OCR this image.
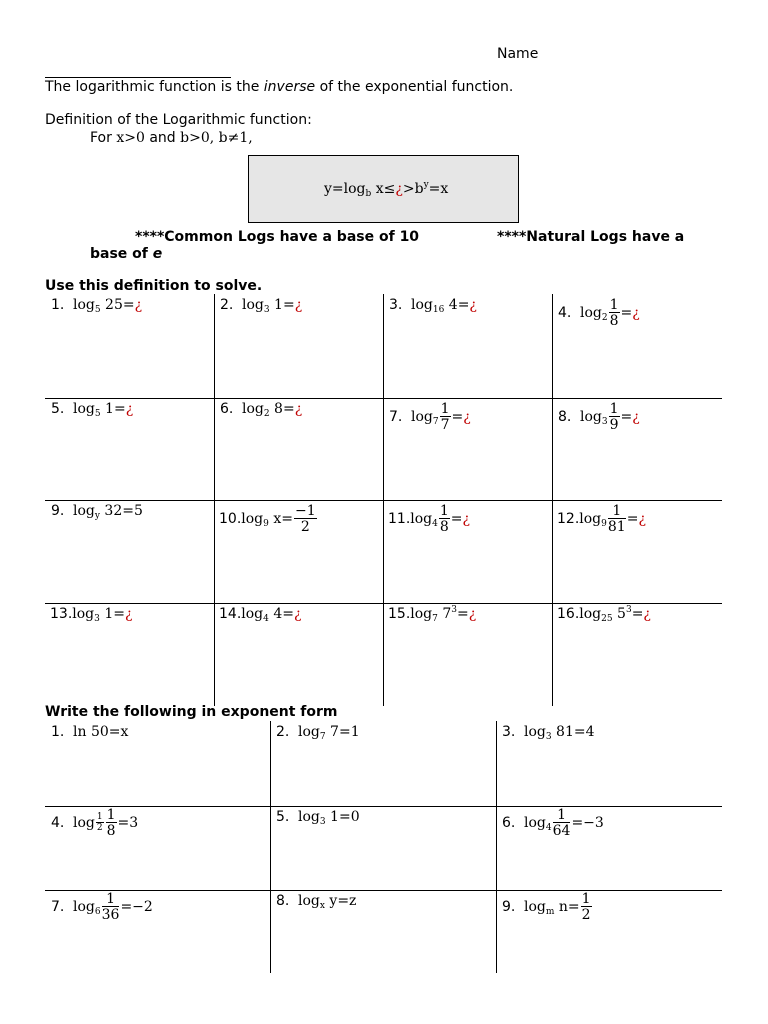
Name
The logarithmic function is the inverse of the exponential function.
Definition of the Logarithmic function:
For x>0 and b>0, b≠1,
$y=\log_b$ $x\le¿>b^y=x$
****Common Logs have a base of 10	****Natural Logs have a
base of e
Use this definition to solve.
1. $\log_5$ 25=¿	2. $\log_3$ 1=¿	3. $\log_{16}$ 4=¿	4. $\log_2 \frac{1}{8}$ =¿
5. $\log_5$ 1=¿	6. $\log_2$ 8=¿	7. $\log_7 \frac{1}{7}$ =¿	8. $\log_3 \frac{1}{9}$ =¿
9. $\log_y 32=5$	$10.\log_9$ $x= \frac{-1}{2}$	$11.\log_4 \frac{1}{8}$ =¿	$12.\log_9 \frac{1}{81}$ =¿
$13.\log_3$ 1=¿	$14.\log_4$ 4=¿	$15.\log_7$ $7^3=¿$	$16.\log_{25}$ $5^3=¿$
Write the following in exponent form
1. ln 50=x	2. $\log_7 7=1$	3. $\log_3 81=4$
4. $\log \frac{1}{2} \frac{1}{8} =3$	5. $\log_3 1=0$	6. $\log_4 \frac{1}{64} =-3$
7. $\log_6 \frac{1}{36} =-2$	8. $\log_x y=z$	9. $\log_m n= \frac{1}{2}$
